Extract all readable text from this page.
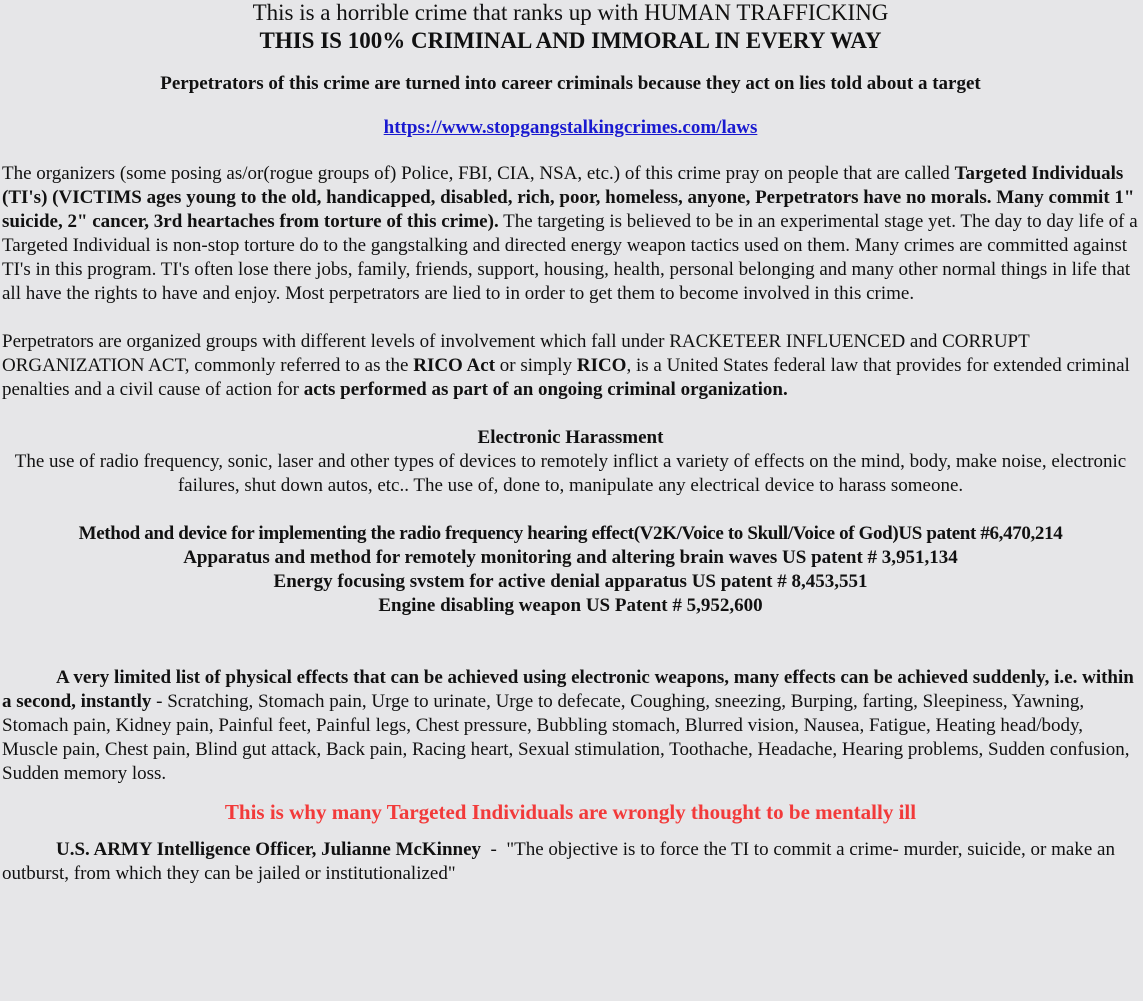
This is a horrible crime that ranks up with HUMAN TRAFFICKING
THIS IS 100% CRIMINAL AND IMMORAL IN EVERY WAY
Perpetrators of this crime are turned into career criminals because they act on lies told about a target
https://www.stopgangstalkingcrimes.com/laws

The organizers (some posing as/or(rogue groups of) Police, FBI, CIA, NSA, etc.) of this crime pray on people that are called Targeted Individuals (TI's) (VICTIMS ages young to the old, handicapped, disabled, rich, poor, homeless, anyone, Perpetrators have no morals. Many commit 1" suicide, 2" cancer, 3rd heartaches from torture of this crime). The targeting is believed to be in an experimental stage yet. The day to day life of a Targeted Individual is non-stop torture do to the gangstalking and directed energy weapon tactics used on them. Many crimes are committed against TI's in this program. TI's often lose there jobs, family, friends, support, housing, health, personal belonging and many other normal things in life that all have the rights to have and enjoy. Most perpetrators are lied to in order to get them to become involved in this crime.

Perpetrators are organized groups with different levels of involvement which fall under RACKETEER INFLUENCED and CORRUPT ORGANIZATION ACT, commonly referred to as the RICO Act or simply RICO, is a United States federal law that provides for extended criminal penalties and a civil cause of action for acts performed as part of an ongoing criminal organization.

Electronic Harassment
The use of radio frequency, sonic, laser and other types of devices to remotely inflict a variety of effects on the mind, body, make noise, electronic failures, shut down autos, etc.. The use of, done to, manipulate any electrical device to harass someone.
Method and device for implementing the radio frequency hearing effect(V2K/Voice to Skull/Voice of God)US patent #6,470,214
Apparatus and method for remotely monitoring and altering brain waves US patent # 3,951,134
Energy focusing svstem for active denial apparatus US patent # 8,453,551
Engine disabling weapon US Patent # 5,952,600

A very limited list of physical effects that can be achieved using electronic weapons, many effects can be achieved suddenly, i.e. within a second, instantly - Scratching, Stomach pain, Urge to urinate, Urge to defecate, Coughing, sneezing, Burping, farting, Sleepiness, Yawning, Stomach pain, Kidney pain, Painful feet, Painful legs, Chest pressure, Bubbling stomach, Blurred vision, Nausea, Fatigue, Heating head/body, Muscle pain, Chest pain, Blind gut attack, Back pain, Racing heart, Sexual stimulation, Toothache, Headache, Hearing problems, Sudden confusion, Sudden memory loss.

This is why many Targeted Individuals are wrongly thought to be mentally ill

U.S. ARMY Intelligence Officer, Julianne McKinney  -  "The objective is to force the TI to commit a crime- murder, suicide, or make an outburst, from which they can be jailed or institutionalized"
